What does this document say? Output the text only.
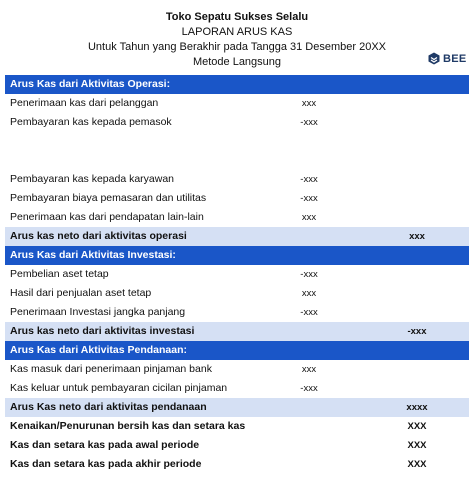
Toko Sepatu Sukses Selalu
LAPORAN ARUS KAS
Untuk Tahun yang Berakhir pada Tangga 31 Desember 20XX
Metode Langsung	BEE
Arus Kas dari Aktivitas Operasi:
Penerimaan kas dari pelanggan	xxx
Pembayaran kas kepada pemasok	-xxx
Pembayaran kas kepada karyawan	-xxx
Pembayaran biaya pemasaran dan utilitas	-xxx
Penerimaan kas dari pendapatan lain-lain	xxx
Arus kas neto dari aktivitas operasi	xxx
Arus Kas dari Aktivitas Investasi:
Pembelian aset tetap	-xxx
Hasil dari penjualan aset tetap	xxx
Penerimaan Investasi jangka panjang	-xxx
Arus kas neto dari aktivitas investasi	-xxx
Arus Kas dari Aktivitas Pendanaan:
Kas masuk dari penerimaan pinjaman bank	xxx
Kas keluar untuk pembayaran cicilan pinjaman	-xxx
Arus Kas neto dari aktivitas pendanaan	xxxx
Kenaikan/Penurunan bersih kas dan setara kas	XXX
Kas dan setara kas pada awal periode	XXX
Kas dan setara kas pada akhir periode	XXX
